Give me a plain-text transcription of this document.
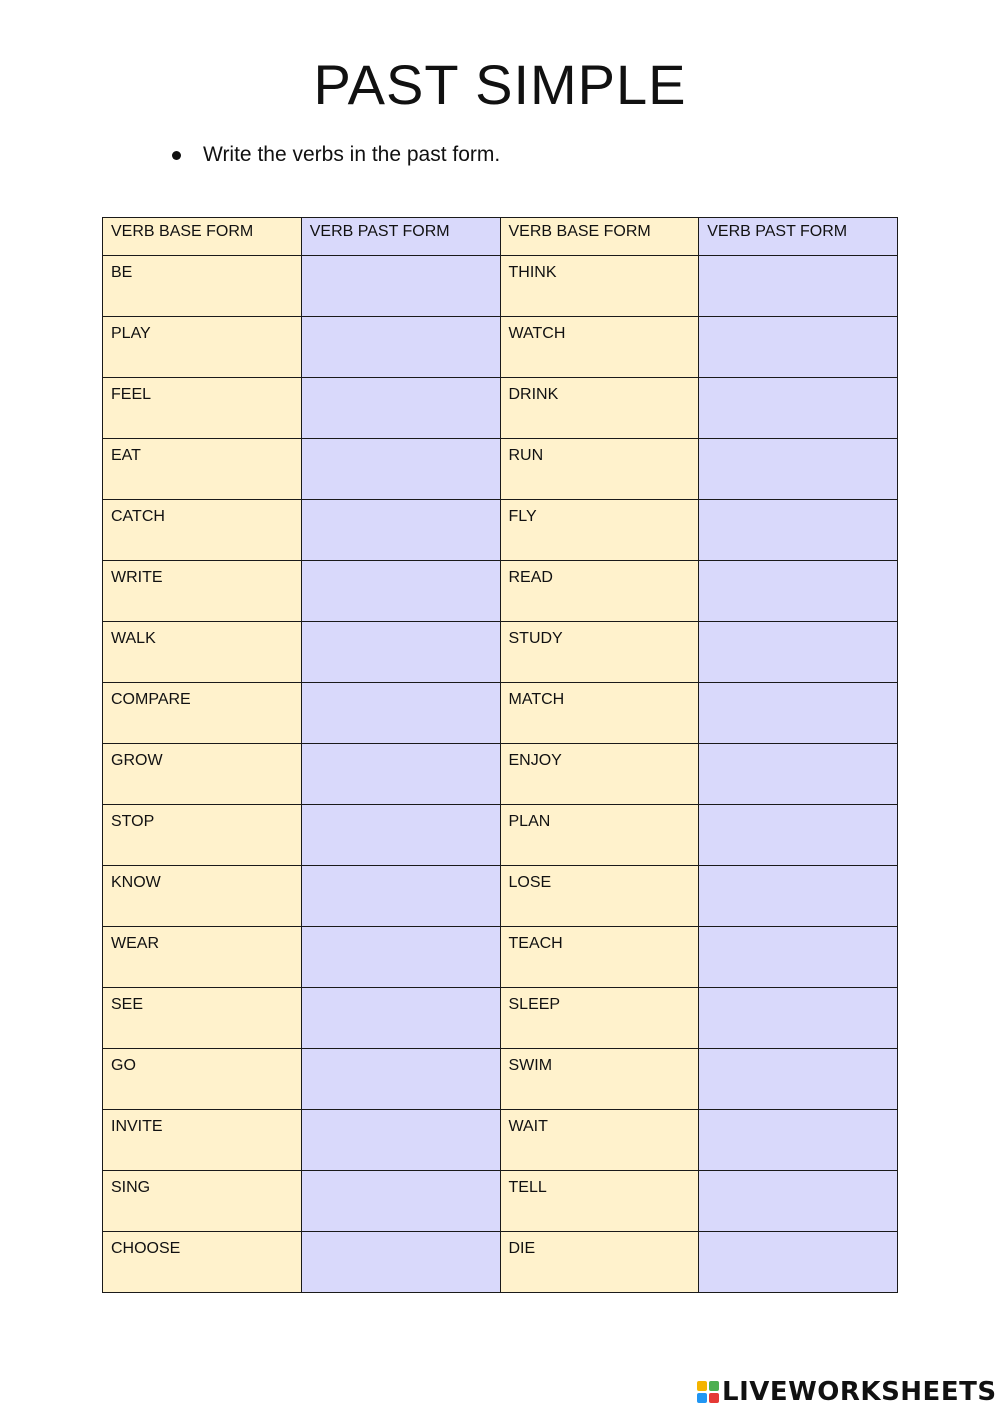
PAST SIMPLE
Write the verbs in the past form.
VERB BASE FORM	VERB PAST FORM	VERB BASE FORM	VERB PAST FORM
BE		THINK	
PLAY		WATCH	
FEEL		DRINK	
EAT		RUN	
CATCH		FLY	
WRITE		READ	
WALK		STUDY	
COMPARE		MATCH	
GROW		ENJOY	
STOP		PLAN	
KNOW		LOSE	
WEAR		TEACH	
SEE		SLEEP	
GO		SWIM	
INVITE		WAIT	
SING		TELL	
CHOOSE		DIE	
LIVEWORKSHEETS
